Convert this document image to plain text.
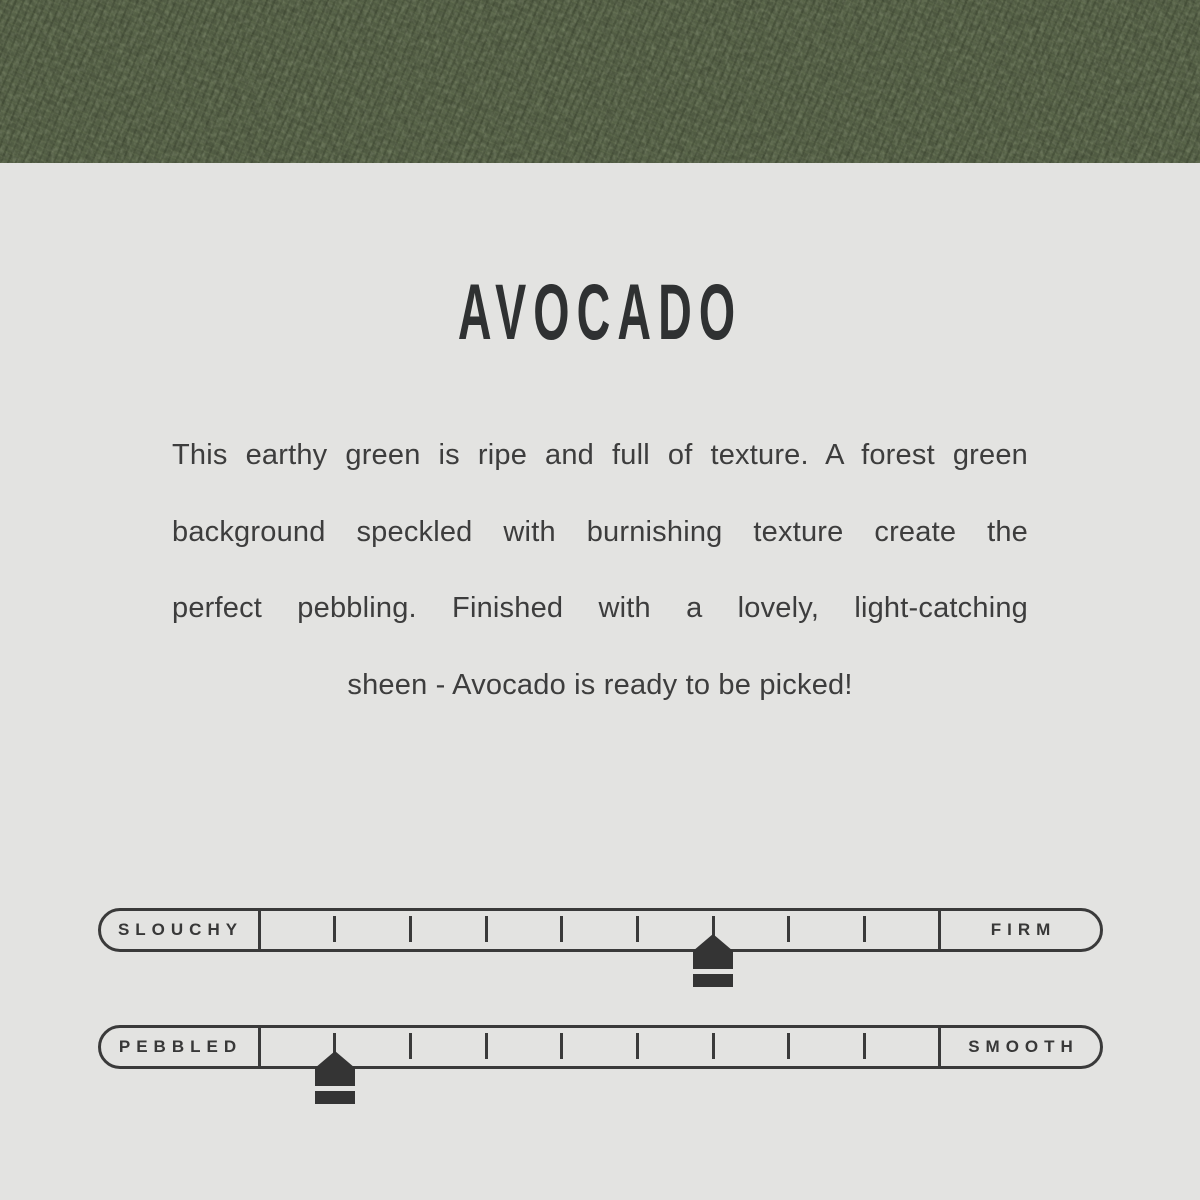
AVOCADO

This earthy green is ripe and full of texture. A forest green

background speckled with burnishing texture create the

perfect pebbling. Finished with a lovely, light-catching

sheen - Avocado is ready to be picked!

SLOUCHY	FIRM
PEBBLED	SMOOTH
